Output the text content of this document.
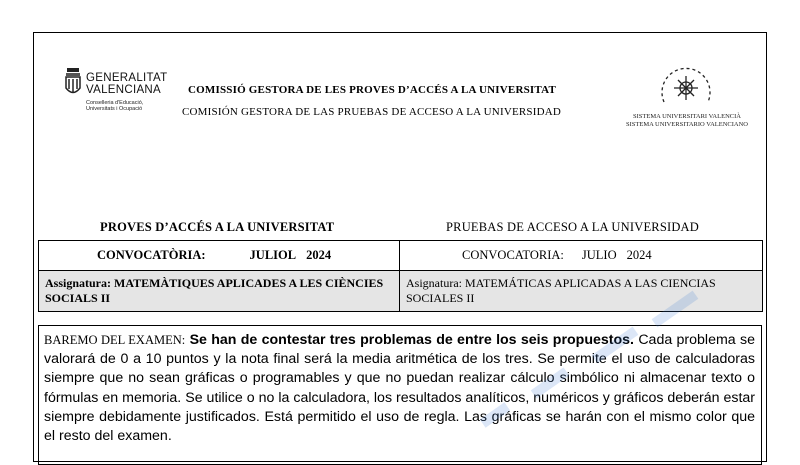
GENERALITAT
VALENCIANA
Conselleria d'Educació,
Universitats i Ocupació
COMISSIÓ GESTORA DE LES PROVES D’ACCÉS A LA UNIVERSITAT
COMISIÓN GESTORA DE LAS PRUEBAS DE ACCESO A LA UNIVERSIDAD	SISTEMA UNIVERSITARI VALENCIÀ
SISTEMA UNIVERSITARIO VALENCIANO
PROVES D’ACCÉS A LA UNIVERSITAT	PRUEBAS DE ACCESO A LA UNIVERSIDAD
CONVOCATÒRIA: JULIOL 2024	CONVOCATORIA: JULIO 2024
Assignatura: MATEMÀTIQUES APLICADES A LES CIÈNCIES SOCIALS II	Asignatura: MATEMÁTICAS APLICADAS A LAS CIENCIAS SOCIALES II
BAREMO DEL EXAMEN: Se han de contestar tres problemas de entre los seis propuestos. Cada problema se valorará de 0 a 10 puntos y la nota final será la media aritmética de los tres. Se permite el uso de calculadoras siempre que no sean gráficas o programables y que no puedan realizar cálculo simbólico ni almacenar texto o fórmulas en memoria. Se utilice o no la calculadora, los resultados analíticos, numéricos y gráficos deberán estar siempre debidamente justificados. Está permitido el uso de regla. Las gráficas se harán con el mismo color que el resto del examen.
